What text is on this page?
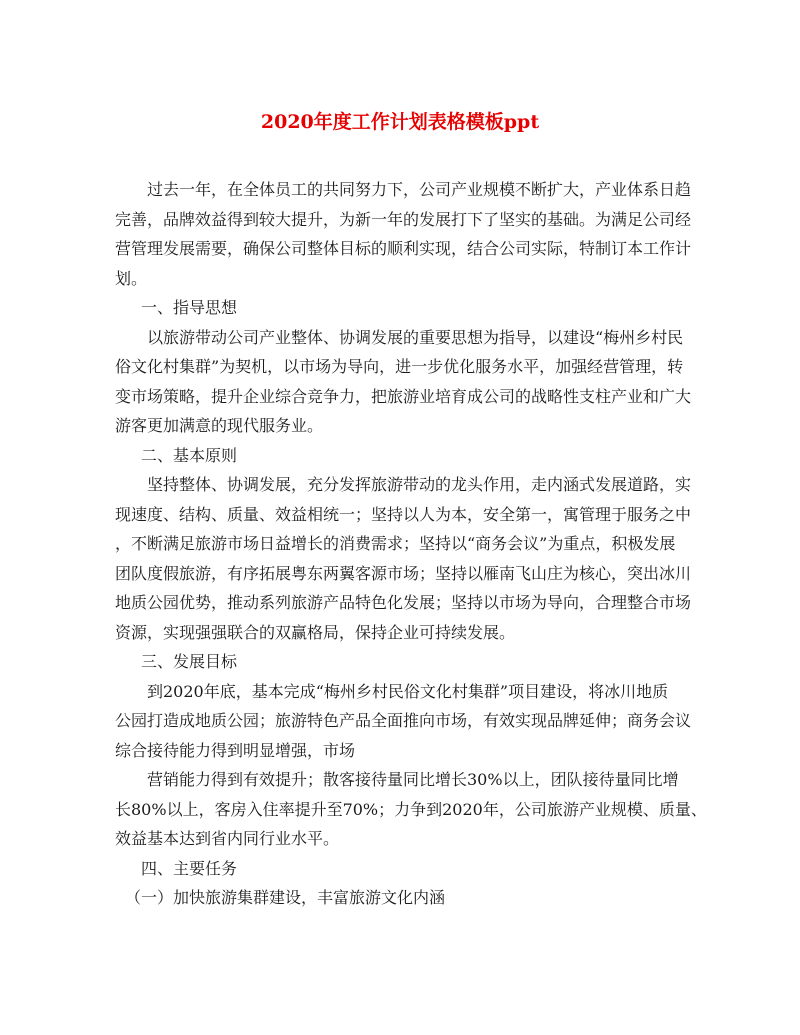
2020年度工作计划表格模板ppt
过去一年，在全体员工的共同努力下，公司产业规模不断扩大，产业体系日趋
完善，品牌效益得到较大提升，为新一年的发展打下了坚实的基础。为满足公司经
营管理发展需要，确保公司整体目标的顺利实现，结合公司实际，特制订本工作计
划。
一、指导思想
以旅游带动公司产业整体、协调发展的重要思想为指导，以建设“梅州乡村民
俗文化村集群”为契机，以市场为导向，进一步优化服务水平，加强经营管理，转
变市场策略，提升企业综合竞争力，把旅游业培育成公司的战略性支柱产业和广大
游客更加满意的现代服务业。
二、基本原则
坚持整体、协调发展，充分发挥旅游带动的龙头作用，走内涵式发展道路，实
现速度、结构、质量、效益相统一；坚持以人为本，安全第一，寓管理于服务之中
，不断满足旅游市场日益增长的消费需求；坚持以“商务会议”为重点，积极发展
团队度假旅游，有序拓展粤东两翼客源市场；坚持以雁南飞山庄为核心，突出冰川
地质公园优势，推动系列旅游产品特色化发展；坚持以市场为导向，合理整合市场
资源，实现强强联合的双赢格局，保持企业可持续发展。
三、发展目标
到2020年底，基本完成“梅州乡村民俗文化村集群”项目建设，将冰川地质
公园打造成地质公园；旅游特色产品全面推向市场，有效实现品牌延伸；商务会议
综合接待能力得到明显增强，市场
营销能力得到有效提升；散客接待量同比增长30%以上，团队接待量同比增
长80%以上，客房入住率提升至70%；力争到2020年，公司旅游产业规模、质量、
效益基本达到省内同行业水平。
四、主要任务
（一）加快旅游集群建设，丰富旅游文化内涵
